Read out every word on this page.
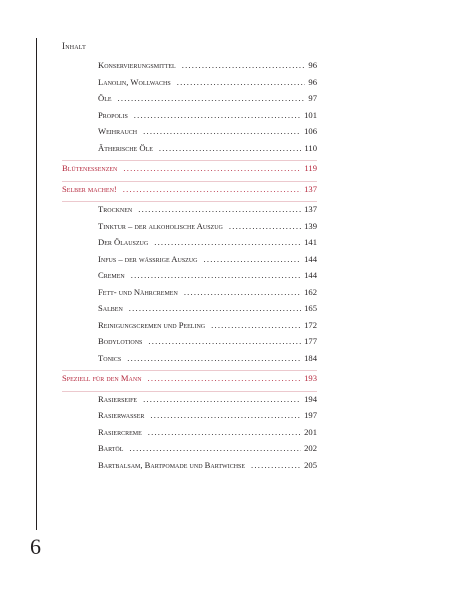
Inhalt
Konservierungsmittel .....	96
Lanolin, Wollwachs .....	96
Öle .....	97
Propolis .....	101
Weihrauch .....	106
Ätherische Öle .....	110
Blütenessenzen .....	119
Selber machen! .....	137
Trocknen .....	137
Tinktur – der alkoholische Auszug .....	139
Der Ölauszug .....	141
Infus – der wässrige Auszug .....	144
Cremen .....	144
Fett- und Nährcremen .....	162
Salben .....	165
Reinigungscremen und Peeling .....	172
Bodylotions .....	177
Tonics .....	184
Speziell für den Mann .....	193
Rasierseife .....	194
Rasierwasser .....	197
Rasiercreme .....	201
Bartöl .....	202
Bartbalsam, Bartpomade und Bartwichse .....	205
6
